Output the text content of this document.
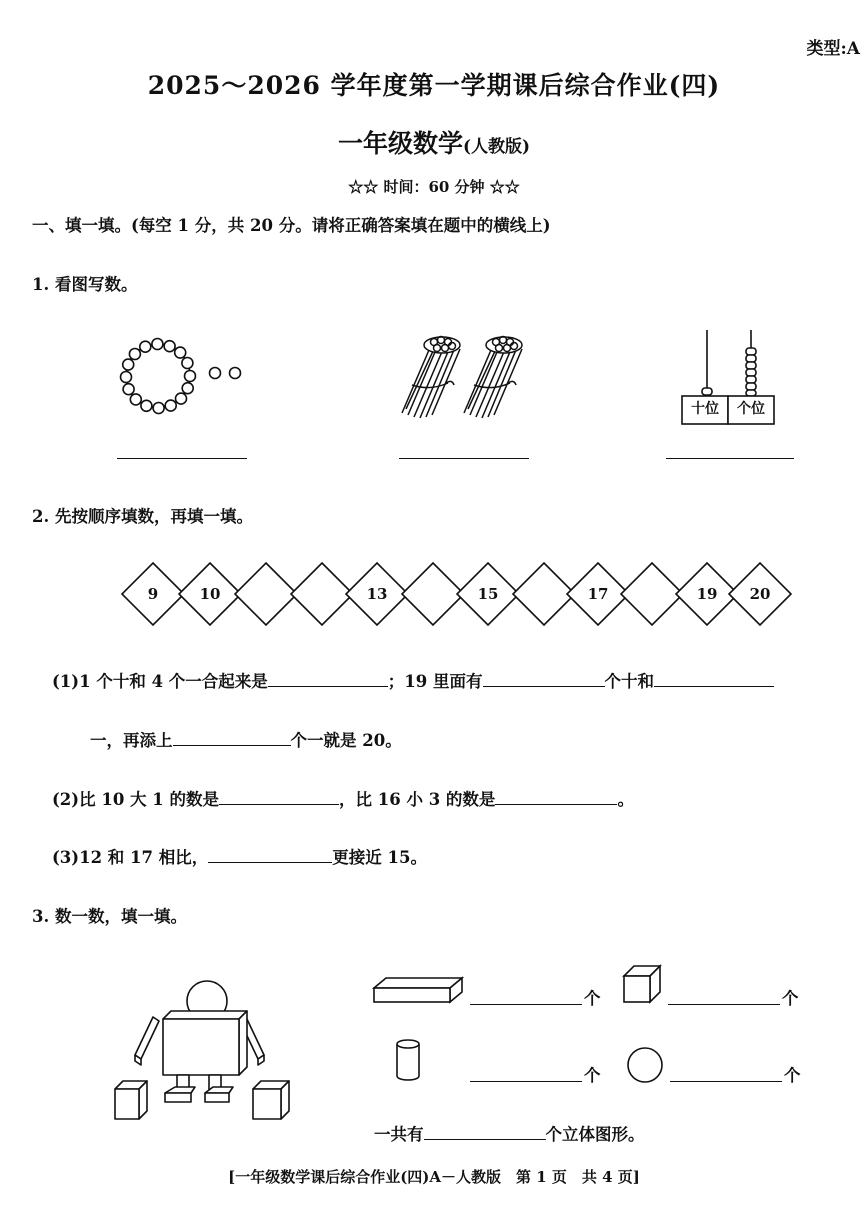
类型:A
2025～2026 学年度第一学期课后综合作业(四)
一年级数学(人教版)
☆☆ 时间：60 分钟 ☆☆
一、填一填。(每空 1 分，共 20 分。请将正确答案填在题中的横线上)
1. 看图写数。
十位	个位
2. 先按顺序填数，再填一填。
9	10	13	15	17	19 20
(1)1 个十和 4 个一合起来是	；19 里面有	个十和
一，再添上	个一就是 20。
(2)比 10 大 1 的数是	，比 16 小 3 的数是	。
(3)12 和 17 相比，	更接近 15。
3. 数一数，填一填。
个	个
个	个
一共有	个立体图形。
[一年级数学课后综合作业(四)A－人教版　第 1 页　共 4 页]
